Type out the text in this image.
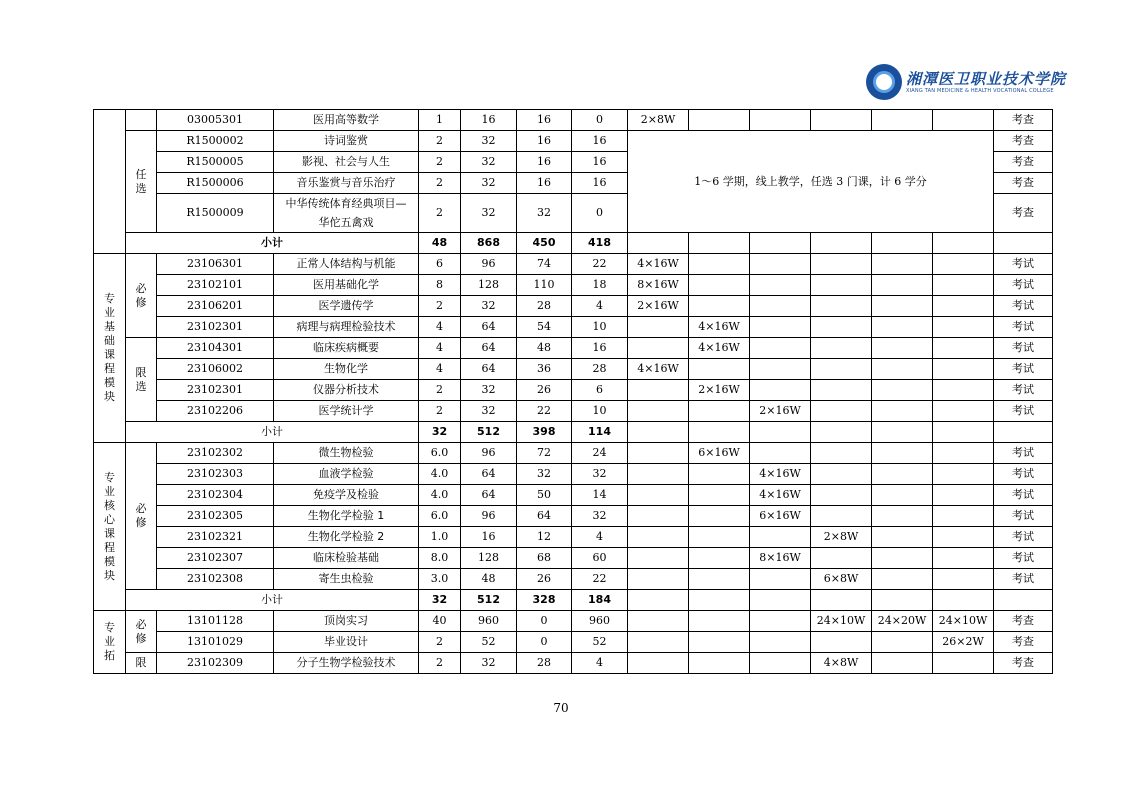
湘潭医卫职业技术学院
XIANG TAN MEDICINE & HEALTH VOCATIONAL COLLEGE
		03005301	医用高等数学	1	16	16	0	2×8W						考查
	任选	R1500002	诗词鉴赏	2	32	16	16	1～6 学期，线上教学，任选 3 门课，计 6 学分						考查
		R1500005	影视、社会与人生	2	32	16	16							考查
		R1500006	音乐鉴赏与音乐治疗	2	32	16	16							考查
		R1500009	中华传统体育经典项目—华佗五禽戏	2	32	32	0							考查
	小计			48	868	450	418							
专业基础课程模块	必修	23106301	正常人体结构与机能	6	96	74	22	4×16W						考试
		23102101	医用基础化学	8	128	110	18	8×16W						考试
		23106201	医学遗传学	2	32	28	4	2×16W						考试
		23102301	病理与病理检验技术	4	64	54	10		4×16W					考试
	限选	23104301	临床疾病概要	4	64	48	16		4×16W					考试
		23106002	生物化学	4	64	36	28	4×16W						考试
		23102301	仪器分析技术	2	32	26	6		2×16W					考试
		23102206	医学统计学	2	32	22	10			2×16W				考试
	小计			32	512	398	114							
专业核心课程模块	必修	23102302	微生物检验	6.0	96	72	24		6×16W					考试
		23102303	血液学检验	4.0	64	32	32			4×16W				考试
		23102304	免疫学及检验	4.0	64	50	14			4×16W				考试
		23102305	生物化学检验 1	6.0	96	64	32			6×16W				考试
		23102321	生物化学检验 2	1.0	16	12	4				2×8W			考试
		23102307	临床检验基础	8.0	128	68	60			8×16W				考试
		23102308	寄生虫检验	3.0	48	26	22				6×8W			考试
	小计			32	512	328	184							
专业拓	必修	13101128	顶岗实习	40	960	0	960				24×10W	24×20W	24×10W	考查
		13101029	毕业设计	2	52	0	52						26×2W	考查
	限	23102309	分子生物学检验技术	2	32	28	4				4×8W			考查
70
